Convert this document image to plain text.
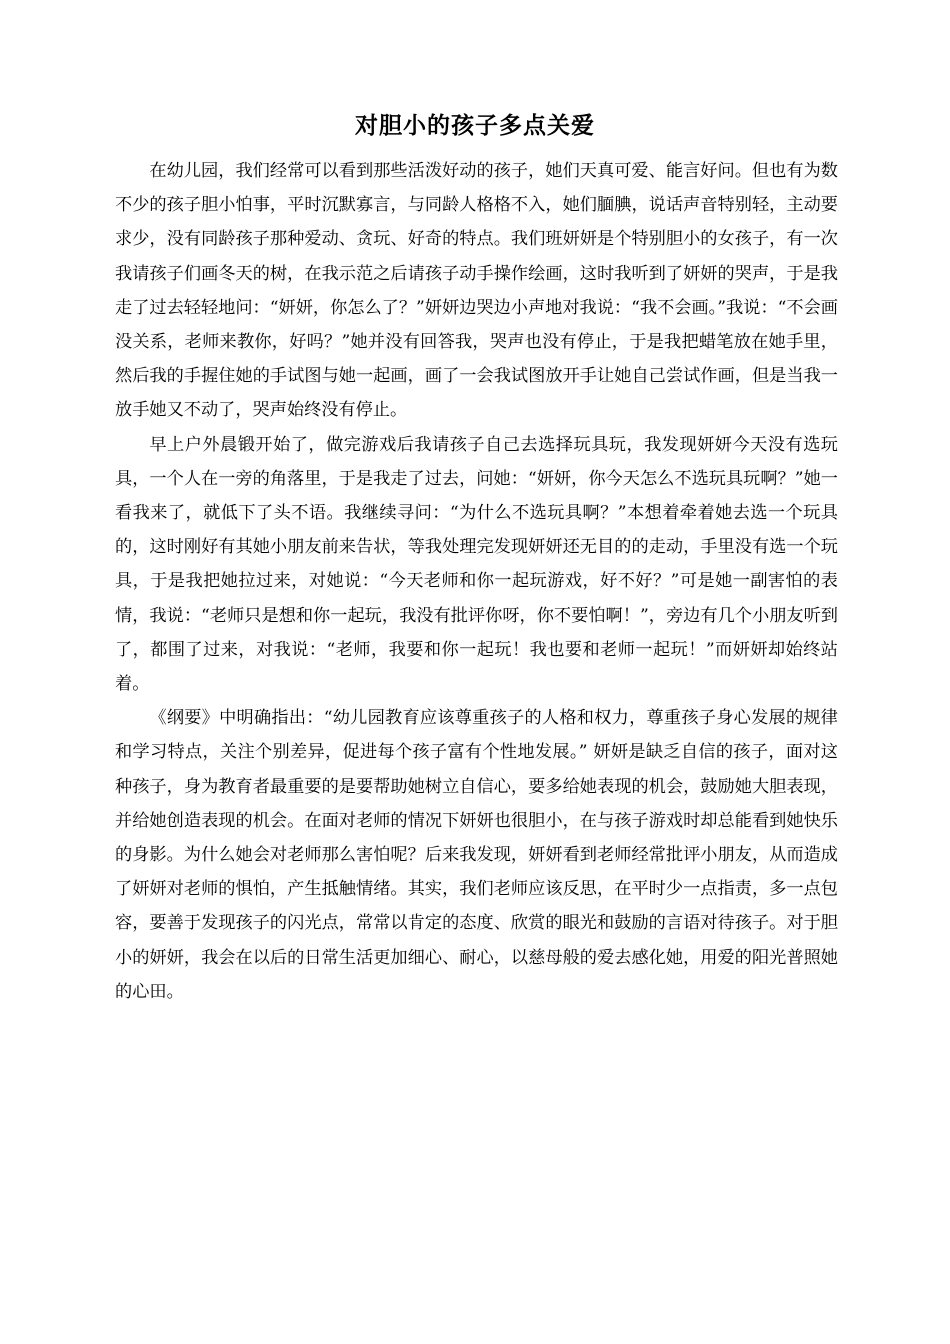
对胆小的孩子多点关爱

在幼儿园，我们经常可以看到那些活泼好动的孩子，她们天真可爱、能言好问。但也有为数不少的孩子胆小怕事，平时沉默寡言，与同龄人格格不入，她们腼腆，说话声音特别轻，主动要求少，没有同龄孩子那种爱动、贪玩、好奇的特点。我们班妍妍是个特别胆小的女孩子，有一次我请孩子们画冬天的树，在我示范之后请孩子动手操作绘画，这时我听到了妍妍的哭声，于是我走了过去轻轻地问：“妍妍，你怎么了？”妍妍边哭边小声地对我说：“我不会画。”我说：“不会画没关系，老师来教你，好吗？”她并没有回答我，哭声也没有停止，于是我把蜡笔放在她手里，然后我的手握住她的手试图与她一起画，画了一会我试图放开手让她自己尝试作画，但是当我一放手她又不动了，哭声始终没有停止。

早上户外晨锻开始了，做完游戏后我请孩子自己去选择玩具玩，我发现妍妍今天没有选玩具，一个人在一旁的角落里，于是我走了过去，问她：“妍妍，你今天怎么不选玩具玩啊？”她一看我来了，就低下了头不语。我继续寻问：“为什么不选玩具啊？”本想着牵着她去选一个玩具的，这时刚好有其她小朋友前来告状，等我处理完发现妍妍还无目的的走动，手里没有选一个玩具，于是我把她拉过来，对她说：“今天老师和你一起玩游戏，好不好？”可是她一副害怕的表情，我说：“老师只是想和你一起玩，我没有批评你呀，你不要怕啊！”，旁边有几个小朋友听到了，都围了过来，对我说：“老师，我要和你一起玩！我也要和老师一起玩！”而妍妍却始终站着。

《纲要》中明确指出：“幼儿园教育应该尊重孩子的人格和权力，尊重孩子身心发展的规律和学习特点，关注个别差异，促进每个孩子富有个性地发展。” 妍妍是缺乏自信的孩子，面对这种孩子，身为教育者最重要的是要帮助她树立自信心，要多给她表现的机会，鼓励她大胆表现，并给她创造表现的机会。在面对老师的情况下妍妍也很胆小，在与孩子游戏时却总能看到她快乐的身影。为什么她会对老师那么害怕呢？后来我发现，妍妍看到老师经常批评小朋友，从而造成了妍妍对老师的惧怕，产生抵触情绪。其实，我们老师应该反思，在平时少一点指责，多一点包容，要善于发现孩子的闪光点，常常以肯定的态度、欣赏的眼光和鼓励的言语对待孩子。对于胆小的妍妍，我会在以后的日常生活更加细心、耐心，以慈母般的爱去感化她，用爱的阳光普照她的心田。
